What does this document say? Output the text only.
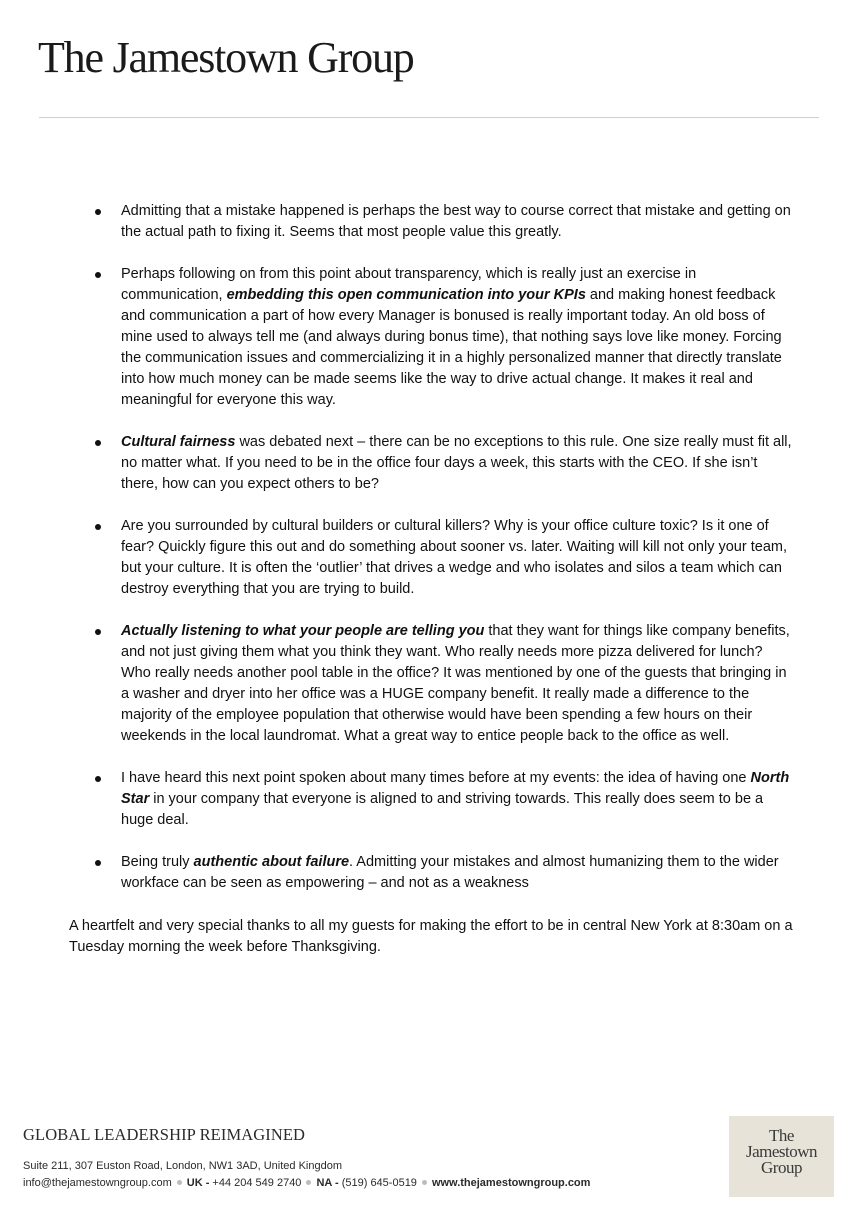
The Jamestown Group
Admitting that a mistake happened is perhaps the best way to course correct that mistake and getting on the actual path to fixing it. Seems that most people value this greatly.
Perhaps following on from this point about transparency, which is really just an exercise in communication, embedding this open communication into your KPIs and making honest feedback and communication a part of how every Manager is bonused is really important today. An old boss of mine used to always tell me (and always during bonus time), that nothing says love like money. Forcing the communication issues and commercializing it in a highly personalized manner that directly translate into how much money can be made seems like the way to drive actual change. It makes it real and meaningful for everyone this way.
Cultural fairness was debated next – there can be no exceptions to this rule. One size really must fit all, no matter what. If you need to be in the office four days a week, this starts with the CEO. If she isn’t there, how can you expect others to be?
Are you surrounded by cultural builders or cultural killers? Why is your office culture toxic? Is it one of fear? Quickly figure this out and do something about sooner vs. later. Waiting will kill not only your team, but your culture. It is often the ‘outlier’ that drives a wedge and who isolates and silos a team which can destroy everything that you are trying to build.
Actually listening to what your people are telling you that they want for things like company benefits, and not just giving them what you think they want. Who really needs more pizza delivered for lunch? Who really needs another pool table in the office? It was mentioned by one of the guests that bringing in a washer and dryer into her office was a HUGE company benefit. It really made a difference to the majority of the employee population that otherwise would have been spending a few hours on their weekends in the local laundromat. What a great way to entice people back to the office as well.
I have heard this next point spoken about many times before at my events: the idea of having one North Star in your company that everyone is aligned to and striving towards. This really does seem to be a huge deal.
Being truly authentic about failure. Admitting your mistakes and almost humanizing them to the wider workface can be seen as empowering – and not as a weakness

A heartfelt and very special thanks to all my guests for making the effort to be in central New York at 8:30am on a Tuesday morning the week before Thanksgiving.

GLOBAL LEADERSHIP REIMAGINED

Suite 211, 307 Euston Road, London, NW1 3AD, United Kingdom
info@thejamestowngroup.com UK - +44 204 549 2740 NA - (519) 645-0519 www.thejamestowngroup.com
The
Jamestown
Group
